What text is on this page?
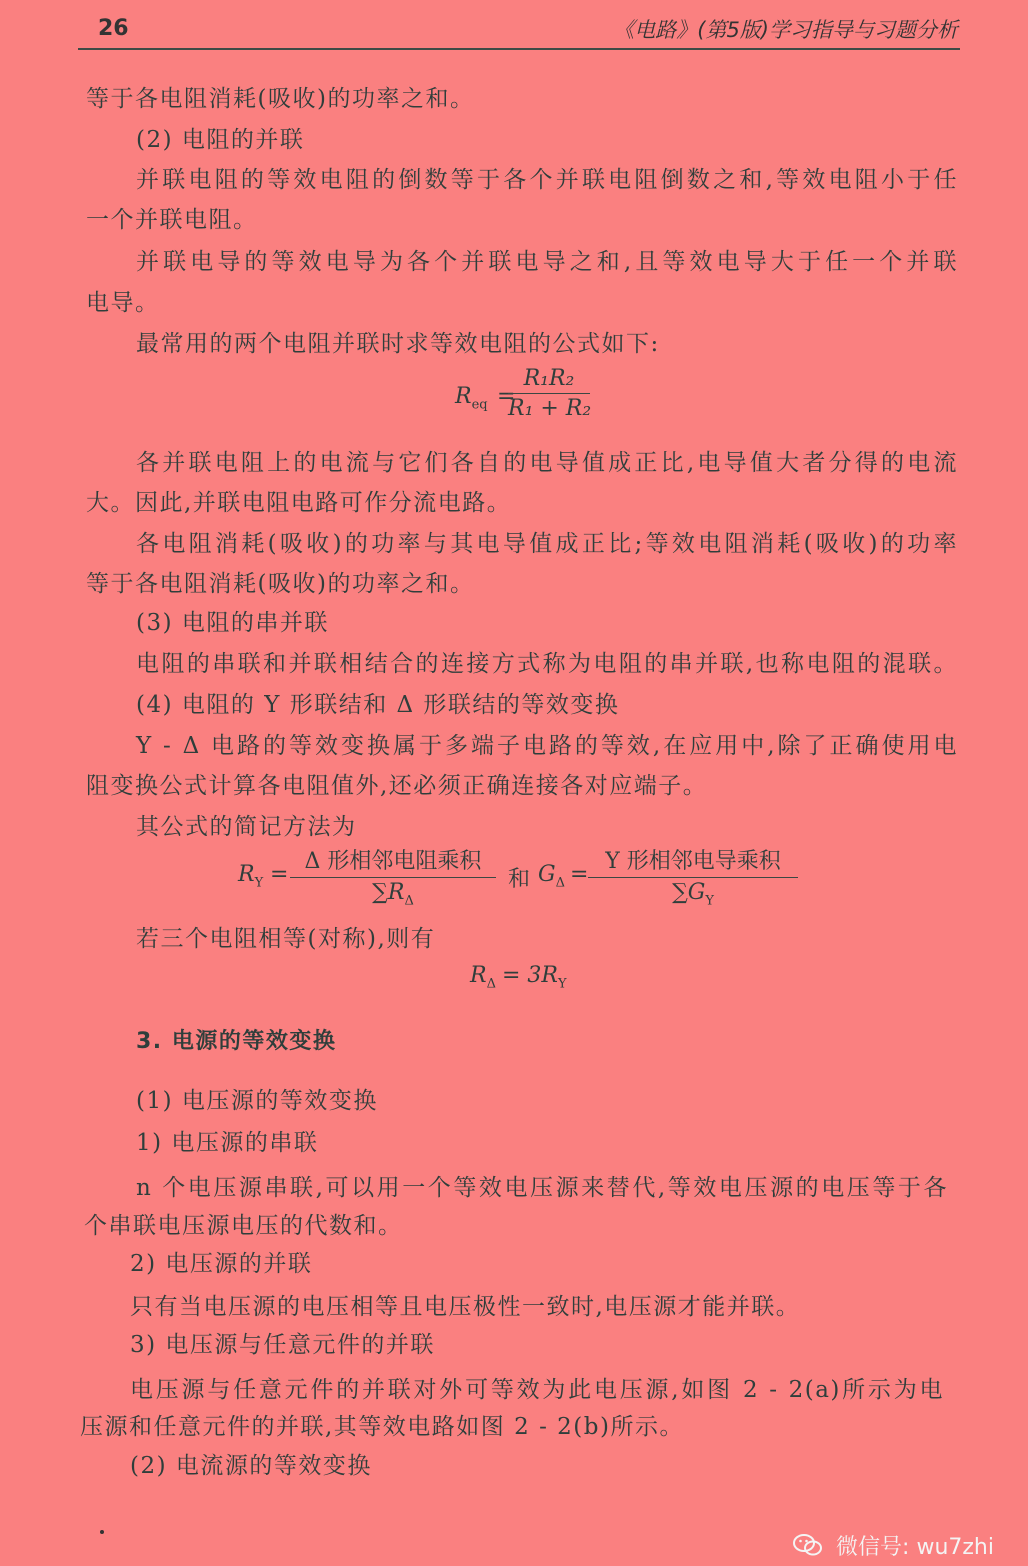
26	《电路》(第5版)学习指导与习题分析
等于各电阻消耗(吸收)的功率之和。
(2) 电阻的并联
并联电阻的等效电阻的倒数等于各个并联电阻倒数之和,等效电阻小于任
一个并联电阻。
并联电导的等效电导为各个并联电导之和,且等效电导大于任一个并联
电导。
最常用的两个电阻并联时求等效电阻的公式如下:
$R_{eq}$ =
$\frac{\text{R₁R₂}}{\text{R₁ + R₂}}$
各并联电阻上的电流与它们各自的电导值成正比,电导值大者分得的电流
大。因此,并联电阻电路可作分流电路。
各电阻消耗(吸收)的功率与其电导值成正比;等效电阻消耗(吸收)的功率
等于各电阻消耗(吸收)的功率之和。
(3) 电阻的串并联
电阻的串联和并联相结合的连接方式称为电阻的串并联,也称电阻的混联。
(4) 电阻的 Y 形联结和 Δ 形联结的等效变换
Y - Δ 电路的等效变换属于多端子电路的等效,在应用中,除了正确使用电
阻变换公式计算各电阻值外,还必须正确连接各对应端子。
其公式的简记方法为
$R_Y$ =
Δ 形相邻电阻乘积
$\sum R_\Delta$
和 $G_\Delta$ =
Y 形相邻电导乘积
$\sum G_Y$
若三个电阻相等(对称),则有
$R_\Delta = 3R_Y$
3. 电源的等效变换
(1) 电压源的等效变换
1) 电压源的串联
n 个电压源串联,可以用一个等效电压源来替代,等效电压源的电压等于各
个串联电压源电压的代数和。
2) 电压源的并联
只有当电压源的电压相等且电压极性一致时,电压源才能并联。
3) 电压源与任意元件的并联
电压源与任意元件的并联对外可等效为此电压源,如图 2 - 2(a)所示为电
压源和任意元件的并联,其等效电路如图 2 - 2(b)所示。
(2) 电流源的等效变换
微信号: wu7zhi
